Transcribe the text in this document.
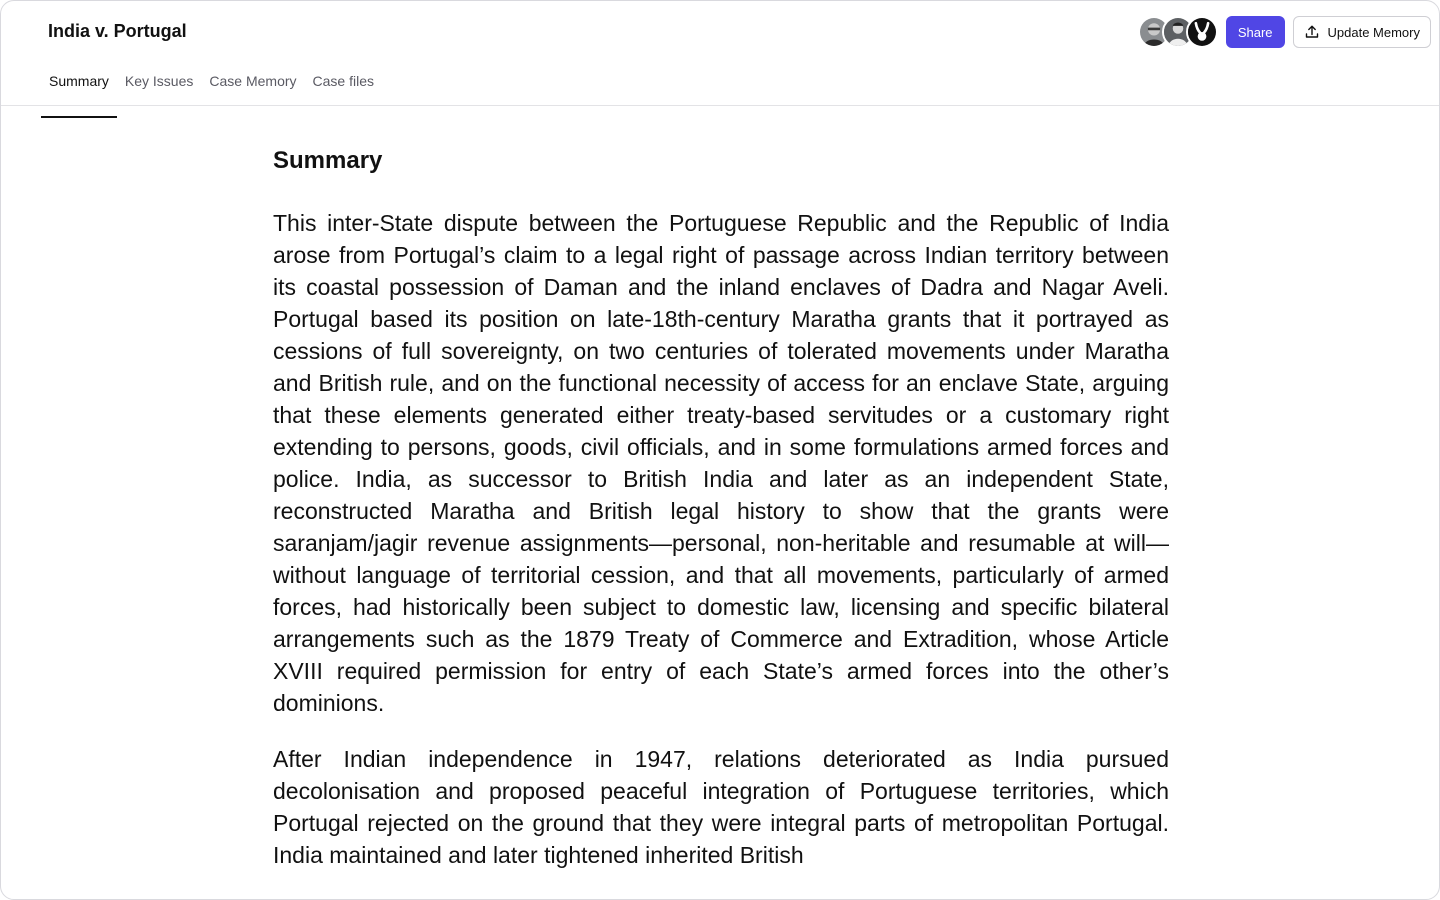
India v. Portugal
Summary	Key Issues	Case Memory	Case files
Share	Update Memory
Summary

This inter-State dispute between the Portuguese Republic and the Republic of India arose from Portugal’s claim to a legal right of passage across Indian territory between its coastal possession of Daman and the inland enclaves of Dadra and Nagar Aveli. Portugal based its position on late-18th-century Maratha grants that it portrayed as cessions of full sovereignty, on two centuries of tolerated movements under Maratha and British rule, and on the functional necessity of access for an enclave State, arguing that these elements generated either treaty-based servitudes or a customary right extending to persons, goods, civil officials, and in some formulations armed forces and police. India, as successor to British India and later as an independent State, reconstructed Maratha and British legal history to show that the grants were saranjam/jagir revenue assignments—personal, non-heritable and resumable at will—without language of territorial cession, and that all movements, particularly of armed forces, had historically been subject to domestic law, licensing and specific bilateral arrangements such as the 1879 Treaty of Commerce and Extradition, whose Article XVIII required permission for entry of each State’s armed forces into the other’s dominions.

After Indian independence in 1947, relations deteriorated as India pursued decolonisation and proposed peaceful integration of Portuguese territories, which Portugal rejected on the ground that they were integral parts of metropolitan Portugal. India maintained and later tightened inherited British
